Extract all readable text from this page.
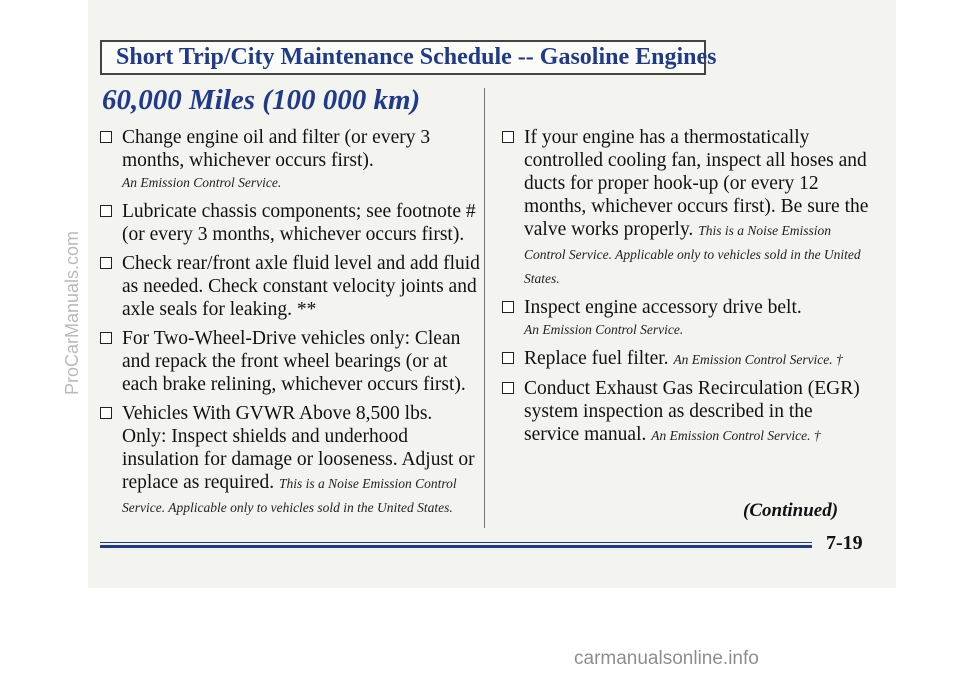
Short Trip/City Maintenance Schedule -- Gasoline Engines
60,000 Miles (100 000 km)

Change engine oil and filter (or every 3 months, whichever occurs first).

An Emission Control Service.

Lubricate chassis components; see footnote # (or every 3 months, whichever occurs first).

Check rear/front axle fluid level and add fluid as needed. Check constant velocity joints and axle seals for leaking. **

For Two-Wheel-Drive vehicles only: Clean and repack the front wheel bearings (or at each brake relining, whichever occurs first).

Vehicles With GVWR Above 8,500 lbs. Only: Inspect shields and underhood insulation for damage or looseness. Adjust or replace as required. This is a Noise Emission Control Service. Applicable only to vehicles sold in the United States.

If your engine has a thermostatically controlled cooling fan, inspect all hoses and ducts for proper hook-up (or every 12 months, whichever occurs first). Be sure the valve works properly. This is a Noise Emission Control Service. Applicable only to vehicles sold in the United States.

Inspect engine accessory drive belt.

An Emission Control Service.

Replace fuel filter. An Emission Control Service. †

Conduct Exhaust Gas Recirculation (EGR) system inspection as described in the service manual. An Emission Control Service. †

(Continued)
7-19
ProCarManuals.com
carmanualsonline.info
